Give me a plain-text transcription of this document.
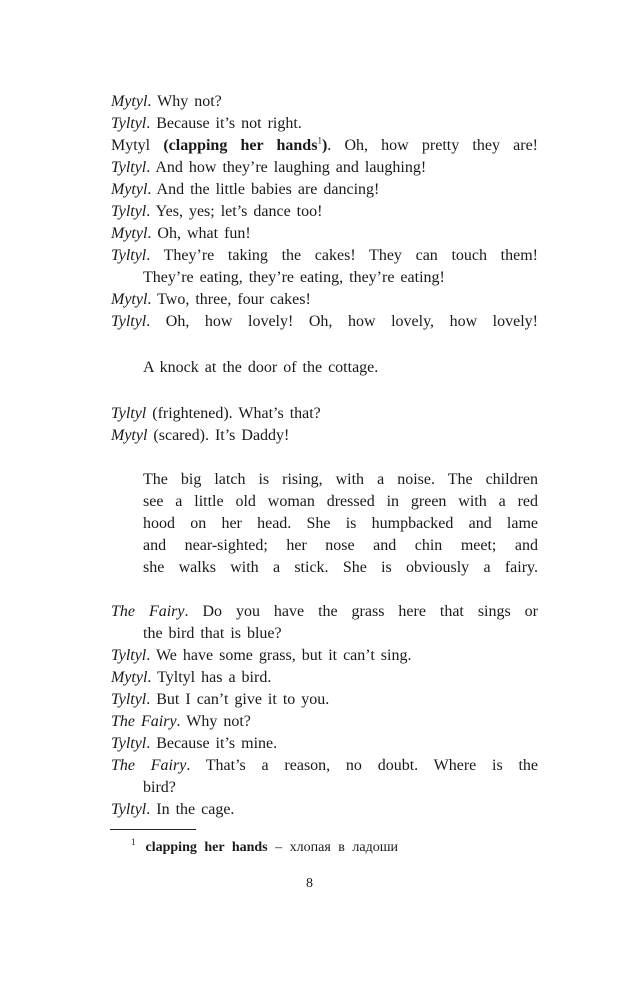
Mytyl. Why not?
Tyltyl. Because it’s not right.
Mytyl (clapping her hands$^1$). Oh, how pretty they are!
Tyltyl. And how they’re laughing and laughing!
Mytyl. And the little babies are dancing!
Tyltyl. Yes, yes; let’s dance too!
Mytyl. Oh, what fun!
Tyltyl. They’re taking the cakes! They can touch them!
They’re eating, they’re eating, they’re eating!
Mytyl. Two, three, four cakes!
Tyltyl. Oh, how lovely! Oh, how lovely, how lovely!
A knock at the door of the cottage.
Tyltyl (frightened). What’s that?
Mytyl (scared). It’s Daddy!
The big latch is rising, with a noise. The children
see a little old woman dressed in green with a red
hood on her head. She is humpbacked and lame
and near-sighted; her nose and chin meet; and
she walks with a stick. She is obviously a fairy.
The Fairy. Do you have the grass here that sings or
the bird that is blue?
Tyltyl. We have some grass, but it can’t sing.
Mytyl. Tyltyl has a bird.
Tyltyl. But I can’t give it to you.
The Fairy. Why not?
Tyltyl. Because it’s mine.
The Fairy. That’s a reason, no doubt. Where is the
bird?
Tyltyl. In the cage.
$^1$ clapping her hands – хлопая в ладоши
8
